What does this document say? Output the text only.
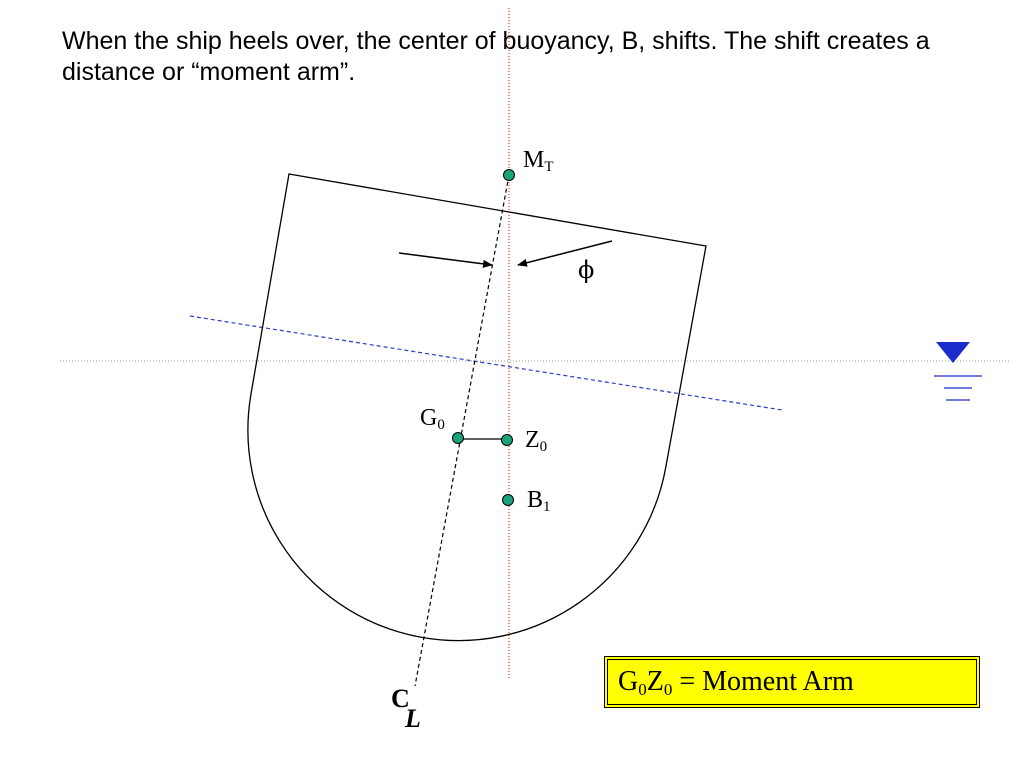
When the ship heels over, the center of buoyancy, B, shifts. The shift creates a distance or “moment arm”.
$M_T$
$G_0$
$Z_0$
$B_1$
ϕ
C
L
$G_0Z_0$ = Moment Arm
